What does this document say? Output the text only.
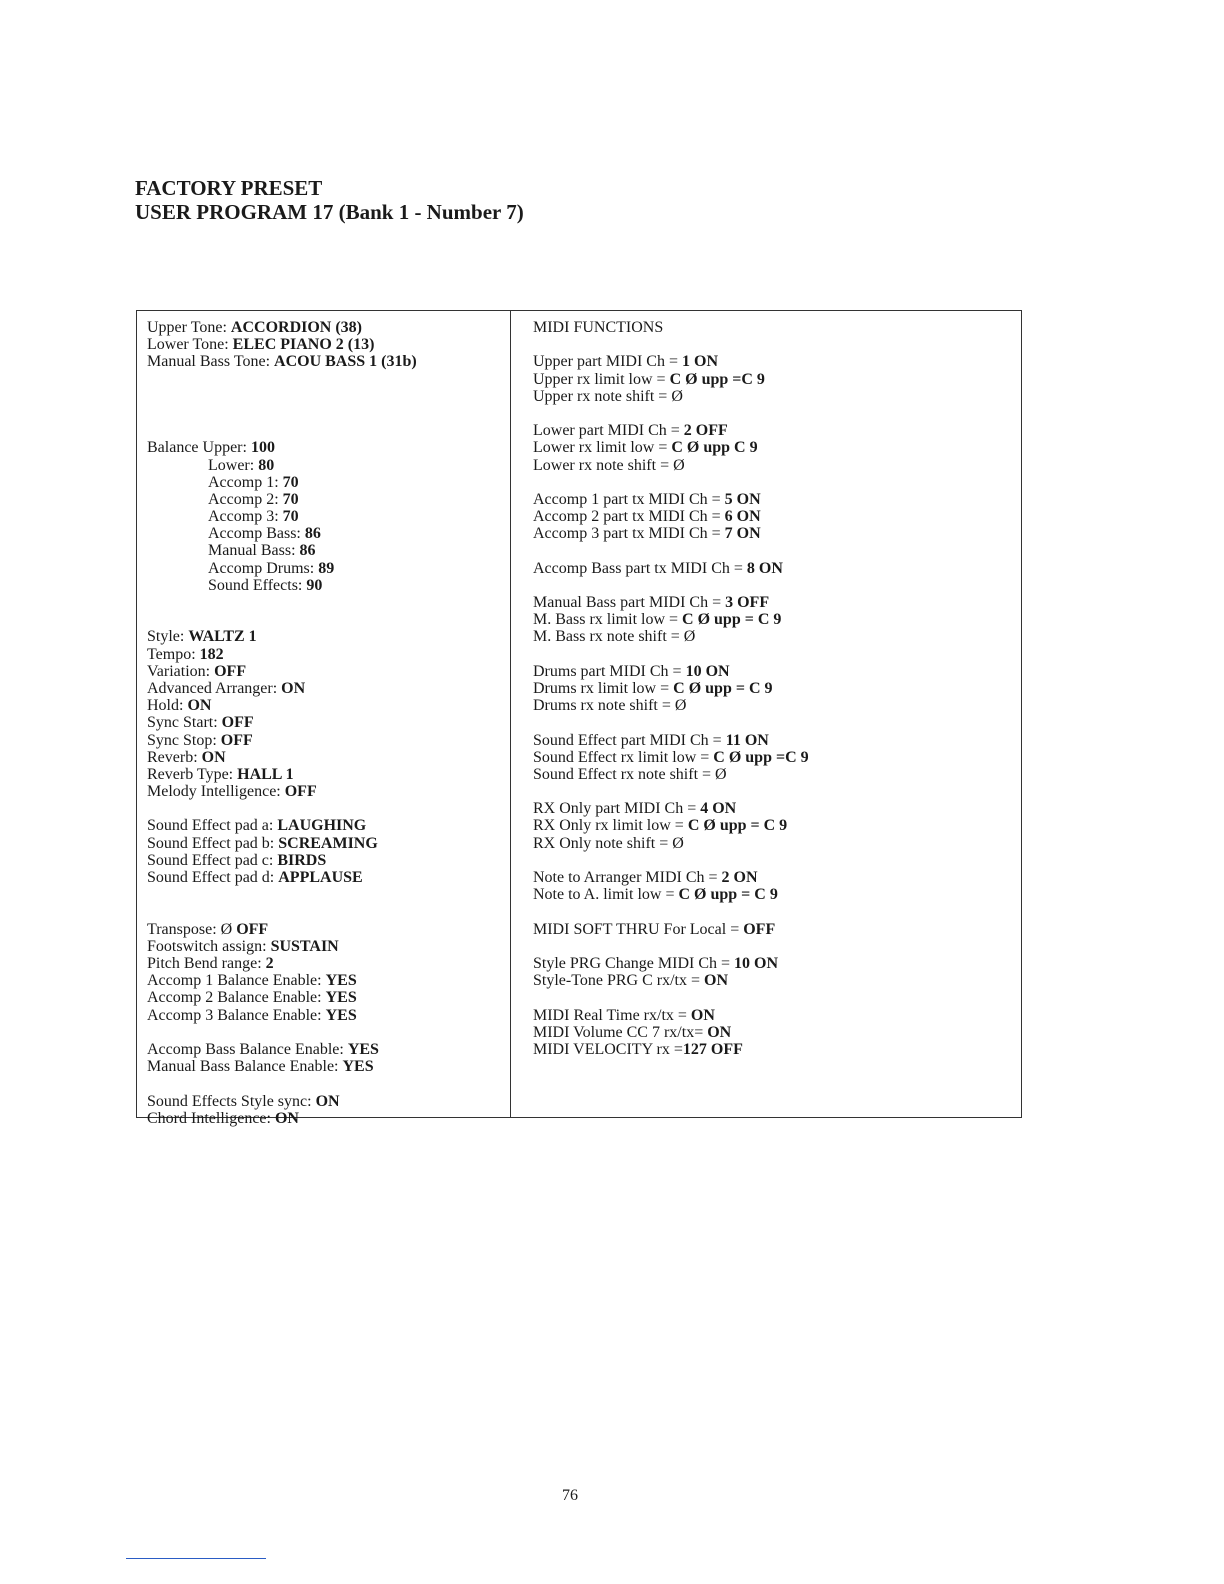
FACTORY PRESET
USER PROGRAM 17 (Bank 1 - Number 7)
Upper Tone: ACCORDION (38)
Lower Tone: ELEC PIANO 2 (13)
Manual Bass Tone: ACOU BASS 1 (31b)
Balance Upper: 100
Lower: 80
Accomp 1: 70
Accomp 2: 70
Accomp 3: 70
Accomp Bass: 86
Manual Bass: 86
Accomp Drums: 89
Sound Effects: 90
Style: WALTZ 1
Tempo: 182
Variation: OFF
Advanced Arranger: ON
Hold: ON
Sync Start: OFF
Sync Stop: OFF
Reverb: ON
Reverb Type: HALL 1
Melody Intelligence: OFF
Sound Effect pad a: LAUGHING
Sound Effect pad b: SCREAMING
Sound Effect pad c: BIRDS
Sound Effect pad d: APPLAUSE
Transpose: Ø OFF
Footswitch assign: SUSTAIN
Pitch Bend range: 2
Accomp 1 Balance Enable: YES
Accomp 2 Balance Enable: YES
Accomp 3 Balance Enable: YES
Accomp Bass Balance Enable: YES
Manual Bass Balance Enable: YES
Sound Effects Style sync: ON
Chord Intelligence: ON
MIDI FUNCTIONS
Upper part MIDI Ch = 1 ON
Upper rx limit low = C Ø upp =C 9
Upper rx note shift = Ø
Lower part MIDI Ch = 2 OFF
Lower rx limit low = C Ø upp C 9
Lower rx note shift = Ø
Accomp 1 part tx MIDI Ch = 5 ON
Accomp 2 part tx MIDI Ch = 6 ON
Accomp 3 part tx MIDI Ch = 7 ON
Accomp Bass part tx MIDI Ch = 8 ON
Manual Bass part MIDI Ch = 3 OFF
M. Bass rx limit low = C Ø upp = C 9
M. Bass rx note shift = Ø
Drums part MIDI Ch = 10 ON
Drums rx limit low = C Ø upp = C 9
Drums rx note shift = Ø
Sound Effect part MIDI Ch = 11 ON
Sound Effect rx limit low = C Ø upp =C 9
Sound Effect rx note shift = Ø
RX Only part MIDI Ch = 4 ON
RX Only rx limit low = C Ø upp = C 9
RX Only note shift = Ø
Note to Arranger MIDI Ch = 2 ON
Note to A. limit low = C Ø upp = C 9
MIDI SOFT THRU For Local = OFF
Style PRG Change MIDI Ch = 10 ON
Style-Tone PRG C rx/tx = ON
MIDI Real Time rx/tx = ON
MIDI Volume CC 7 rx/tx= ON
MIDI VELOCITY rx =127 OFF
76
